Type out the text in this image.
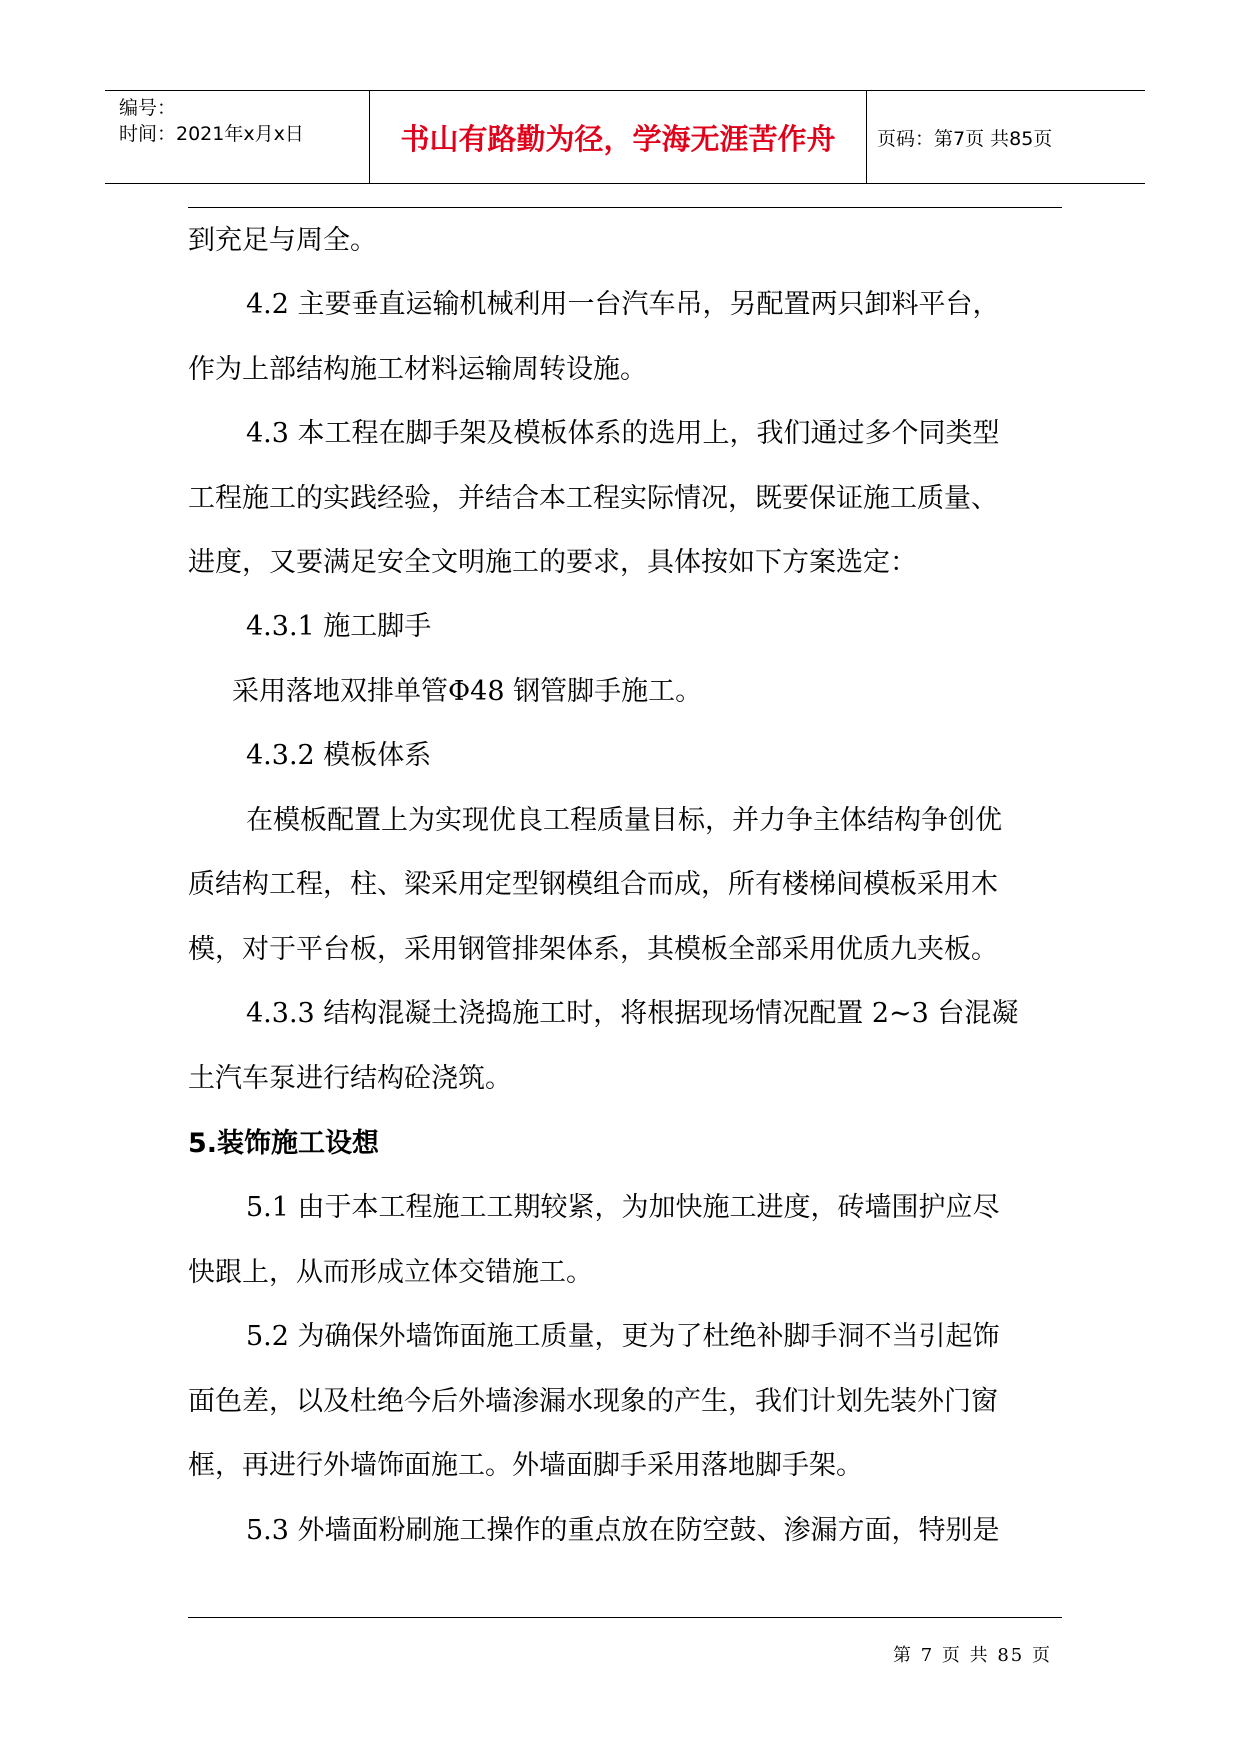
编号：
时间：2021年x月x日	书山有路勤为径，学海无涯苦作舟 页码：第7页 共85页
到充足与周全。
4.2 主要垂直运输机械利用一台汽车吊，另配置两只卸料平台，
作为上部结构施工材料运输周转设施。
4.3 本工程在脚手架及模板体系的选用上，我们通过多个同类型
工程施工的实践经验，并结合本工程实际情况，既要保证施工质量、
进度，又要满足安全文明施工的要求，具体按如下方案选定：
4.3.1 施工脚手
采用落地双排单管Φ48 钢管脚手施工。
4.3.2 模板体系
在模板配置上为实现优良工程质量目标，并力争主体结构争创优
质结构工程，柱、梁采用定型钢模组合而成，所有楼梯间模板采用木
模，对于平台板，采用钢管排架体系，其模板全部采用优质九夹板。
4.3.3 结构混凝土浇捣施工时，将根据现场情况配置 2~3 台混凝
土汽车泵进行结构砼浇筑。
5.装饰施工设想
5.1 由于本工程施工工期较紧，为加快施工进度，砖墙围护应尽
快跟上，从而形成立体交错施工。
5.2 为确保外墙饰面施工质量，更为了杜绝补脚手洞不当引起饰
面色差，以及杜绝今后外墙渗漏水现象的产生，我们计划先装外门窗
框，再进行外墙饰面施工。外墙面脚手采用落地脚手架。
5.3 外墙面粉刷施工操作的重点放在防空鼓、渗漏方面，特别是
第 7 页 共 85 页
